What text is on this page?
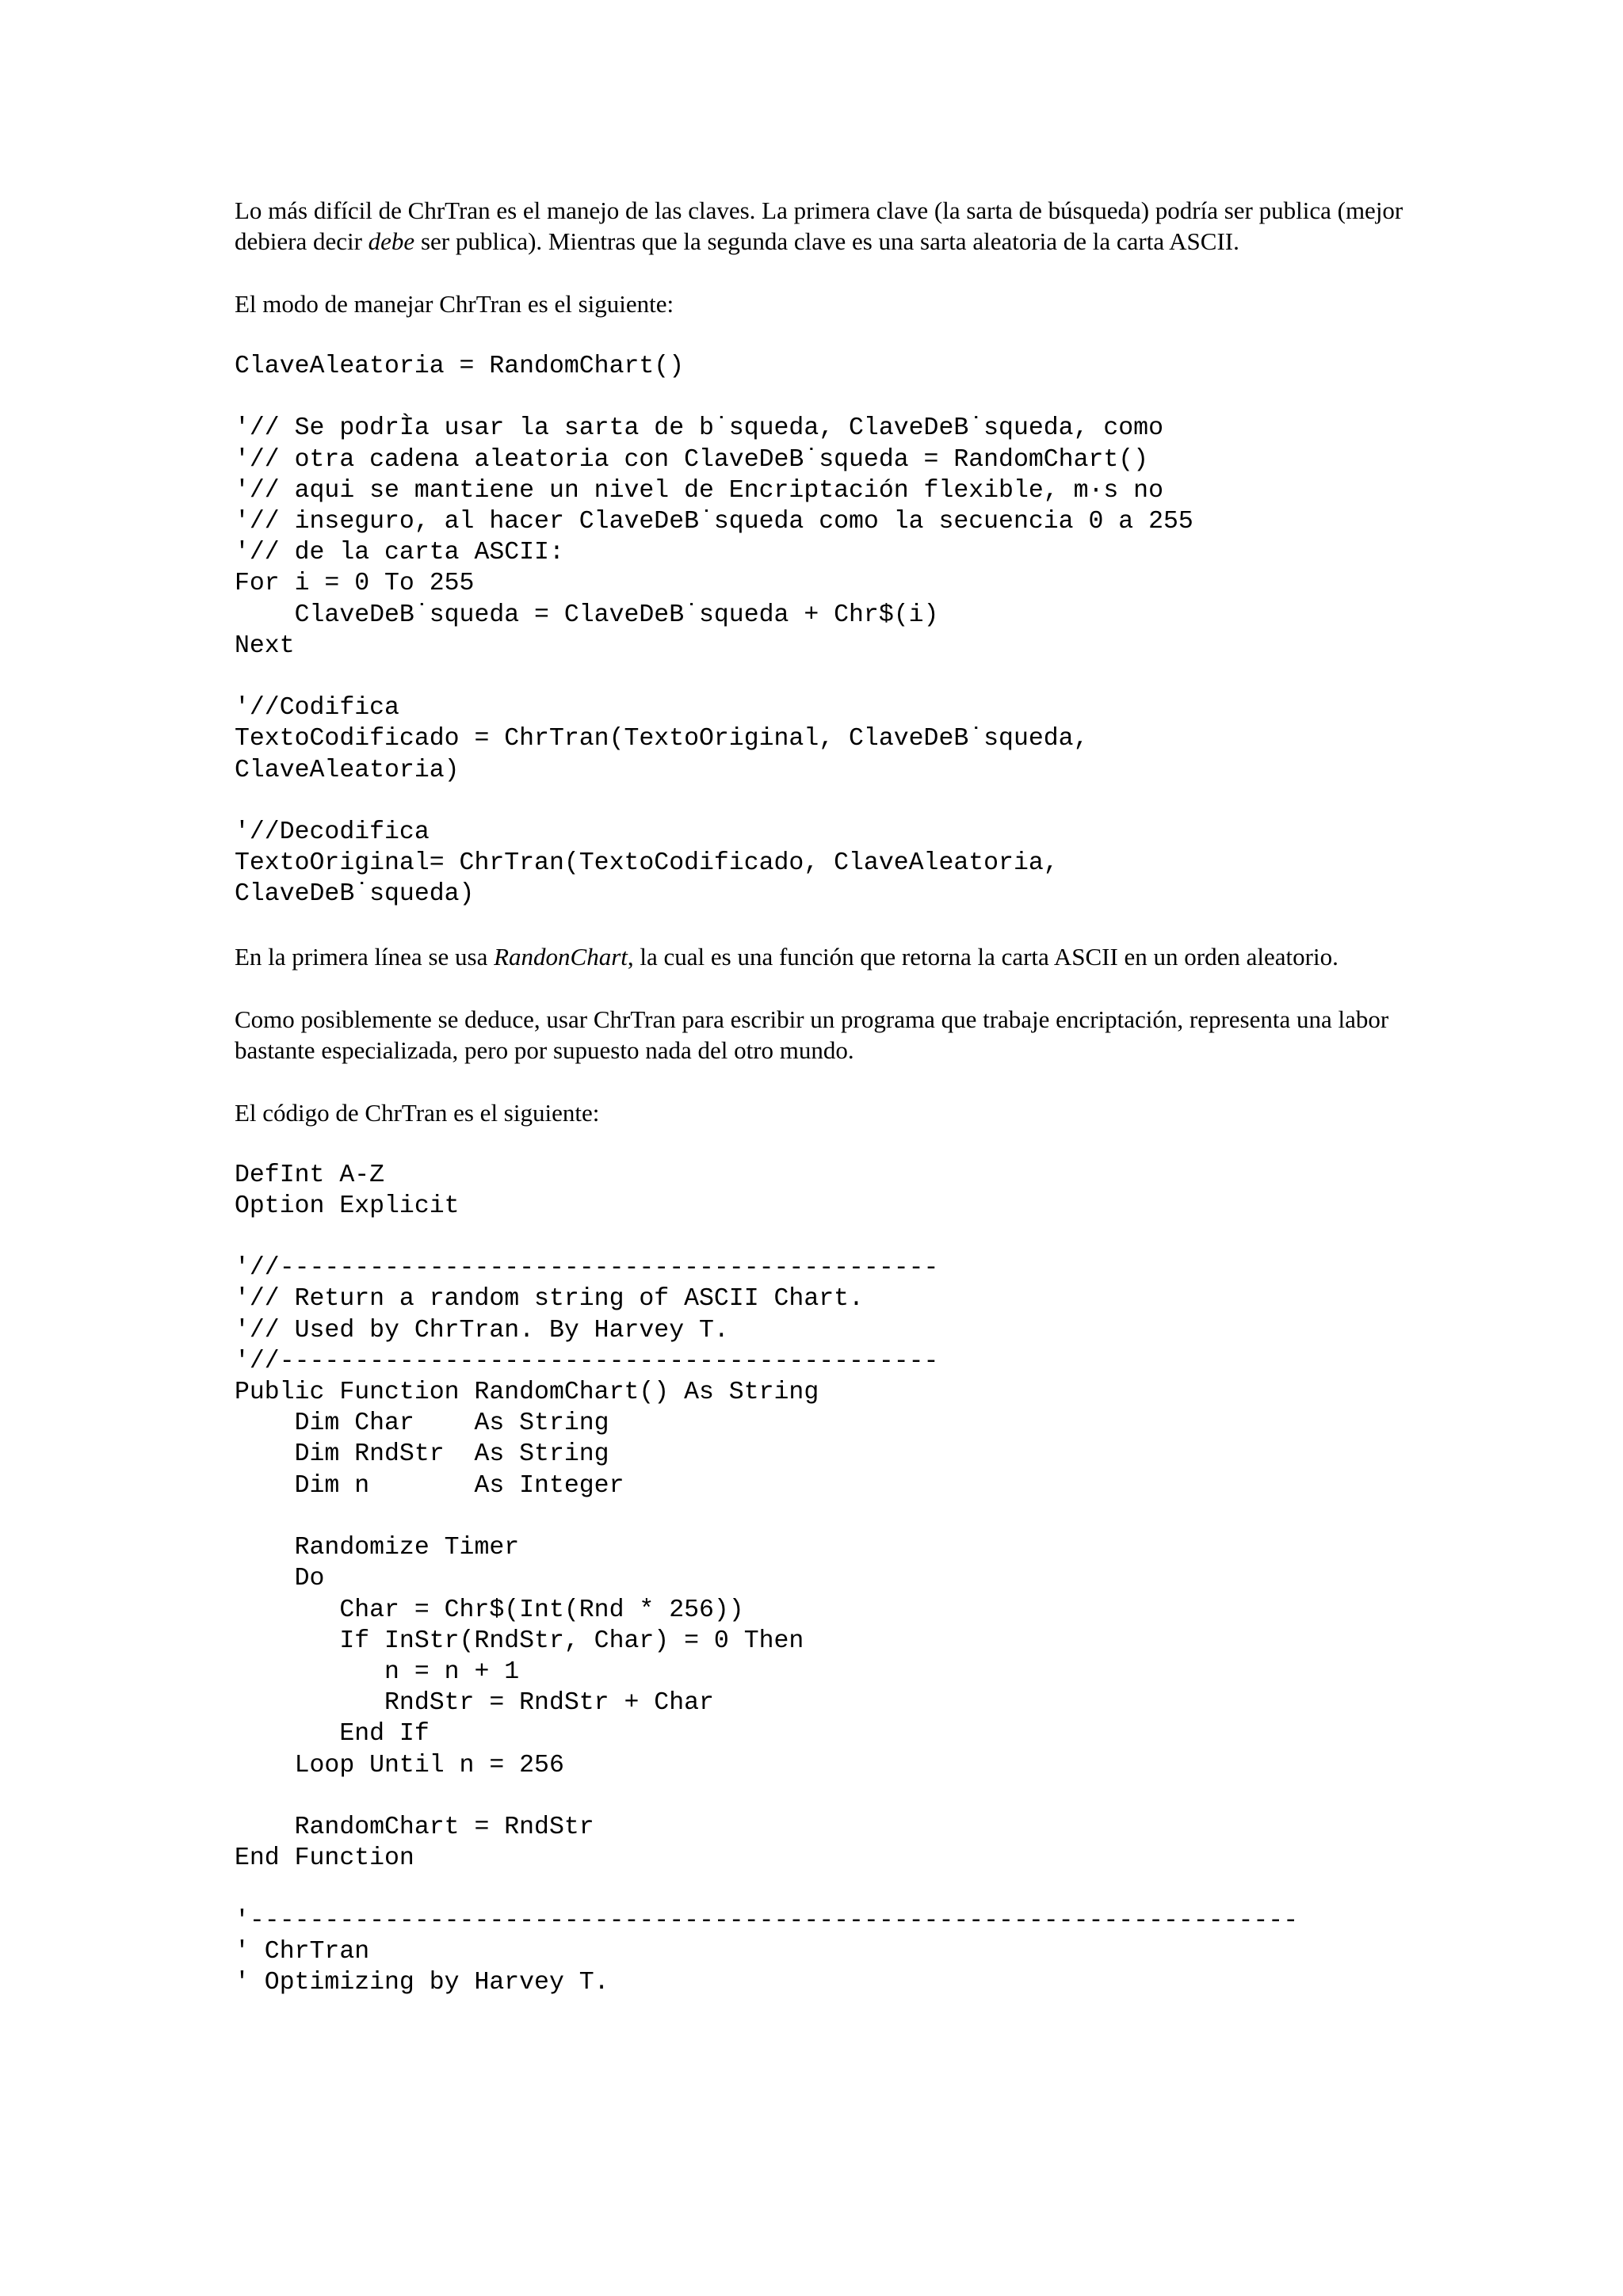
Lo más difícil de ChrTran es el manejo de las claves. La primera clave (la sarta de búsqueda) podría ser publica (mejor debiera decir debe ser publica). Mientras que la segunda clave es una sarta aleatoria de la carta ASCII.

El modo de manejar ChrTran es el siguiente:

ClaveAleatoria = RandomChart()

'// Se podrÌa usar la sarta de b˙squeda, ClaveDeB˙squeda, como
'// otra cadena aleatoria con ClaveDeB˙squeda = RandomChart()
'// aqui se mantiene un nivel de Encriptación flexible, m·s no
'// inseguro, al hacer ClaveDeB˙squeda como la secuencia 0 a 255
'// de la carta ASCII:
For i = 0 To 255
ClaveDeB˙squeda = ClaveDeB˙squeda + Chr$(i)
Next

'//Codifica
TextoCodificado = ChrTran(TextoOriginal, ClaveDeB˙squeda,
ClaveAleatoria)

'//Decodifica
TextoOriginal= ChrTran(TextoCodificado, ClaveAleatoria,
ClaveDeB˙squeda)

En la primera línea se usa RandonChart, la cual es una función que retorna la carta ASCII en un orden aleatorio.

Como posiblemente se deduce, usar ChrTran para escribir un programa que trabaje encriptación, representa una labor bastante especializada, pero por supuesto nada del otro mundo.

El código de ChrTran es el siguiente:

DefInt A-Z
Option Explicit

'//--------------------------------------------
'// Return a random string of ASCII Chart.
'// Used by ChrTran. By Harvey T.
'//--------------------------------------------
Public Function RandomChart() As String
Dim Char    As String
Dim RndStr  As String
Dim n       As Integer

Randomize Timer
Do
Char = Chr$(Int(Rnd * 256))
If InStr(RndStr, Char) = 0 Then
n = n + 1
RndStr = RndStr + Char
End If
Loop Until n = 256

RandomChart = RndStr
End Function

'----------------------------------------------------------------------
' ChrTran
' Optimizing by Harvey T.
